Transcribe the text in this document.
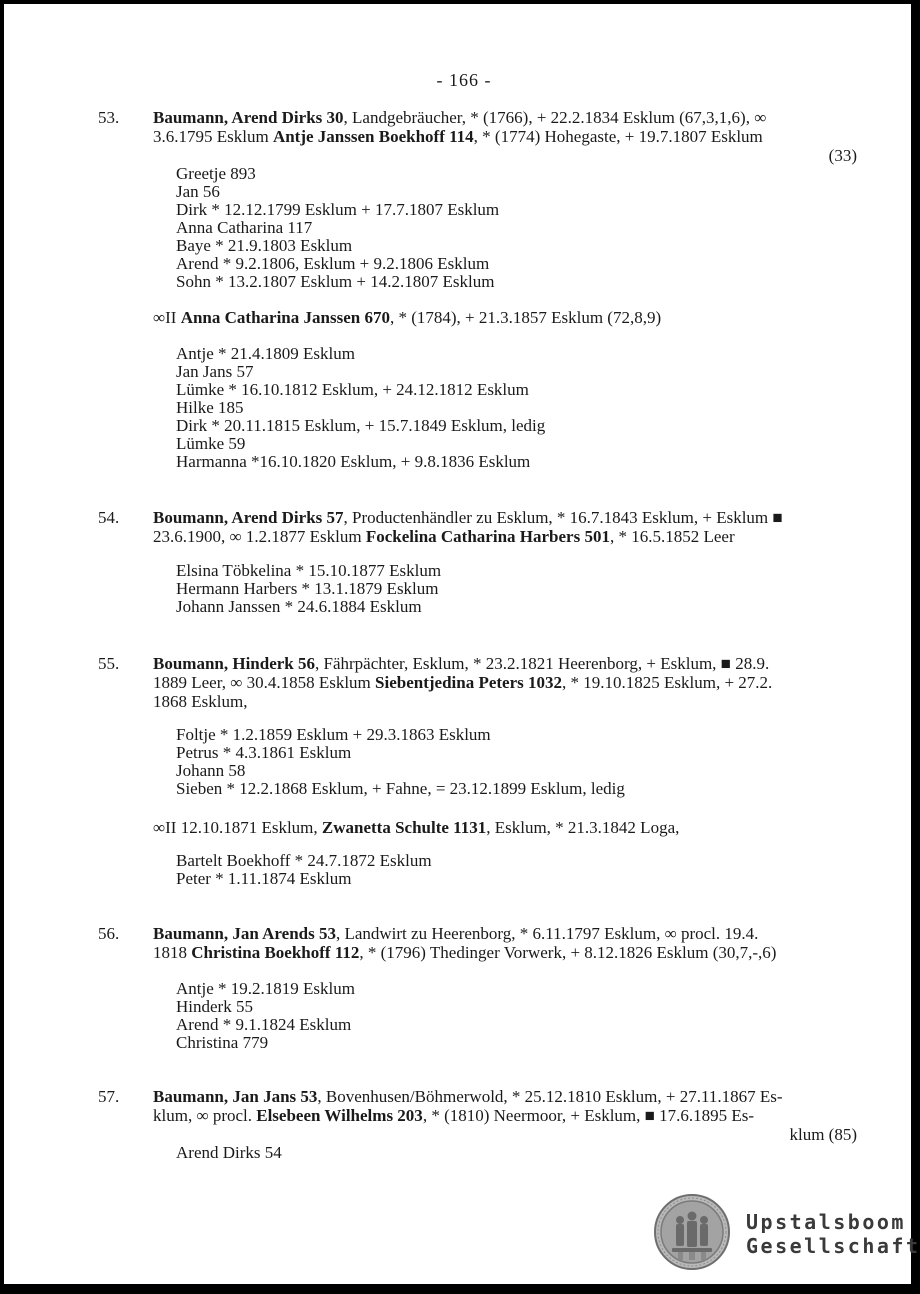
- 166 -
53. Baumann, Arend Dirks 30, Landgebräucher, * (1766), + 22.2.1834 Esklum (67,3,1,6), ∞
3.6.1795 Esklum Antje Janssen Boekhoff 114, * (1774) Hohegaste, + 19.7.1807 Esklum
(33)
Greetje 893
Jan 56
Dirk * 12.12.1799 Esklum + 17.7.1807 Esklum
Anna Catharina 117
Baye * 21.9.1803 Esklum
Arend * 9.2.1806, Esklum + 9.2.1806 Esklum
Sohn * 13.2.1807 Esklum + 14.2.1807 Esklum
∞II Anna Catharina Janssen 670, * (1784), + 21.3.1857 Esklum (72,8,9)
Antje * 21.4.1809 Esklum
Jan Jans 57
Lümke * 16.10.1812 Esklum, + 24.12.1812 Esklum
Hilke 185
Dirk * 20.11.1815 Esklum, + 15.7.1849 Esklum, ledig
Lümke 59
Harmanna *16.10.1820 Esklum, + 9.8.1836 Esklum
54. Boumann, Arend Dirks 57, Productenhändler zu Esklum, * 16.7.1843 Esklum, + Esklum ■
23.6.1900, ∞ 1.2.1877 Esklum Fockelina Catharina Harbers 501, * 16.5.1852 Leer
Elsina Töbkelina * 15.10.1877 Esklum
Hermann Harbers * 13.1.1879 Esklum
Johann Janssen * 24.6.1884 Esklum
55. Boumann, Hinderk 56, Fährpächter, Esklum, * 23.2.1821 Heerenborg, + Esklum, ■ 28.9.
1889 Leer, ∞ 30.4.1858 Esklum Siebentjedina Peters 1032, * 19.10.1825 Esklum, + 27.2.
1868 Esklum,
Foltje * 1.2.1859 Esklum + 29.3.1863 Esklum
Petrus * 4.3.1861 Esklum
Johann 58
Sieben * 12.2.1868 Esklum, + Fahne, = 23.12.1899 Esklum, ledig
∞II 12.10.1871 Esklum, Zwanetta Schulte 1131, Esklum, * 21.3.1842 Loga,
Bartelt Boekhoff * 24.7.1872 Esklum
Peter * 1.11.1874 Esklum
56. Baumann, Jan Arends 53, Landwirt zu Heerenborg, * 6.11.1797 Esklum, ∞ procl. 19.4.
1818 Christina Boekhoff 112, * (1796) Thedinger Vorwerk, + 8.12.1826 Esklum (30,7,-,6)
Antje * 19.2.1819 Esklum
Hinderk 55
Arend * 9.1.1824 Esklum
Christina 779
57. Baumann, Jan Jans 53, Bovenhusen/Böhmerwold, * 25.12.1810 Esklum, + 27.11.1867 Es-
klum, ∞ procl. Elsebeen Wilhelms 203, * (1810) Neermoor, + Esklum, ■ 17.6.1895 Es-
klum (85)
Arend Dirks 54
Upstalsboom
Gesellschaft
